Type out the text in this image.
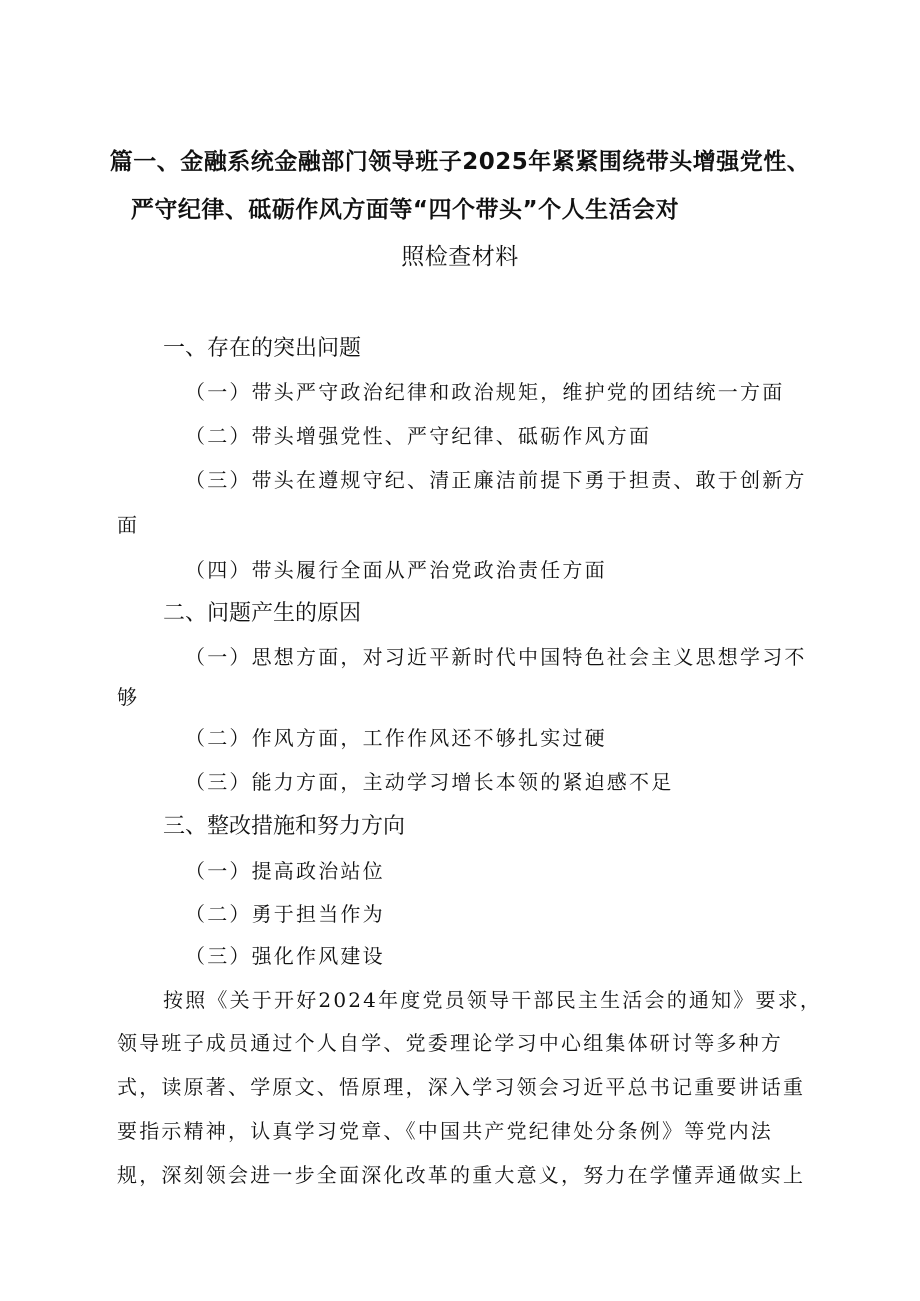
篇一、金融系统金融部门领导班子2025年紧紧围绕带头增强党性、
严守纪律、砥砺作风方面等“四个带头”个人生活会对
照检查材料
一、存在的突出问题
（一）带头严守政治纪律和政治规矩，维护党的团结统一方面
（二）带头增强党性、严守纪律、砥砺作风方面
（三）带头在遵规守纪、清正廉洁前提下勇于担责、敢于创新方
面
（四）带头履行全面从严治党政治责任方面
二、问题产生的原因
（一）思想方面，对习近平新时代中国特色社会主义思想学习不
够
（二）作风方面，工作作风还不够扎实过硬
（三）能力方面，主动学习增长本领的紧迫感不足
三、整改措施和努力方向
（一）提高政治站位
（二）勇于担当作为
（三）强化作风建设
按照《关于开好2024年度党员领导干部民主生活会的通知》要求，
领导班子成员通过个人自学、党委理论学习中心组集体研讨等多种方
式，读原著、学原文、悟原理，深入学习领会习近平总书记重要讲话重
要指示精神，认真学习党章、《中国共产党纪律处分条例》等党内法
规，深刻领会进一步全面深化改革的重大意义，努力在学懂弄通做实上
